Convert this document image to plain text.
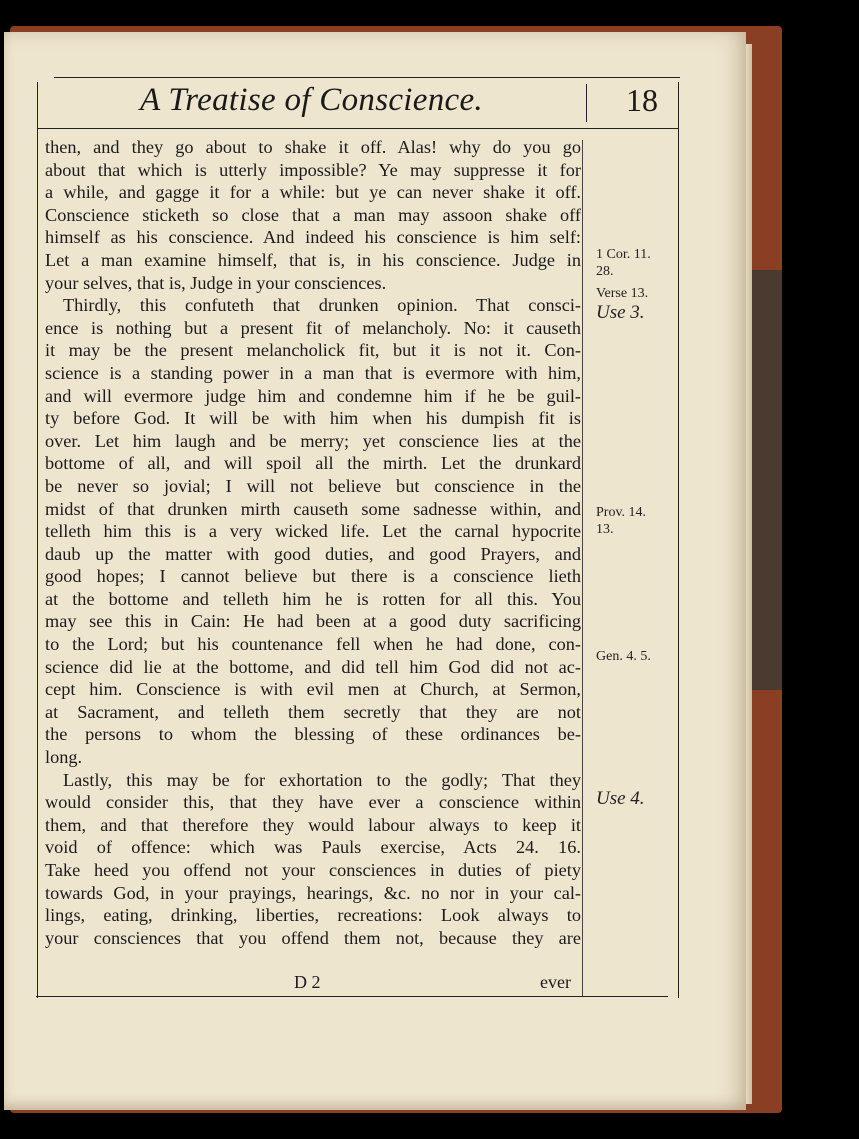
A Treatise of Conscience.	18
then, and they go about to shake it off. Alas! why do you go
about that which is utterly impossible? Ye may suppresse it for
a while, and gagge it for a while: but ye can never shake it off.
Conscience sticketh so close that a man may assoon shake off
himself as his conscience. And indeed his conscience is him self:
Let a man examine himself, that is, in his conscience. Judge in
your selves, that is, Judge in your consciences.
Thirdly, this confuteth that drunken opinion. That consci-
ence is nothing but a present fit of melancholy. No: it causeth
it may be the present melancholick fit, but it is not it. Con-
science is a standing power in a man that is evermore with him,
and will evermore judge him and condemne him if he be guil-
ty before God. It will be with him when his dumpish fit is
over. Let him laugh and be merry; yet conscience lies at the
bottome of all, and will spoil all the mirth. Let the drunkard
be never so jovial; I will not believe but conscience in the
midst of that drunken mirth causeth some sadnesse within, and
telleth him this is a very wicked life. Let the carnal hypocrite
daub up the matter with good duties, and good Prayers, and
good hopes; I cannot believe but there is a conscience lieth
at the bottome and telleth him he is rotten for all this. You
may see this in Cain: He had been at a good duty sacrificing
to the Lord; but his countenance fell when he had done, con-
science did lie at the bottome, and did tell him God did not ac-
cept him. Conscience is with evil men at Church, at Sermon,
at Sacrament, and telleth them secretly that they are not
the persons to whom the blessing of these ordinances be-
long.
Lastly, this may be for exhortation to the godly; That they
would consider this, that they have ever a conscience within
them, and that therefore they would labour always to keep it
void of offence: which was Pauls exercise, Acts 24. 16.
Take heed you offend not your consciences in duties of piety
towards God, in your prayings, hearings, &c. no nor in your cal-
lings, eating, drinking, liberties, recreations: Look always to
your consciences that you offend them not, because they are
1 Cor. 11.
28.
Verse 13.
Use 3.
Prov. 14.
13.
Gen. 4. 5.
Use 4.
D 2	ever
